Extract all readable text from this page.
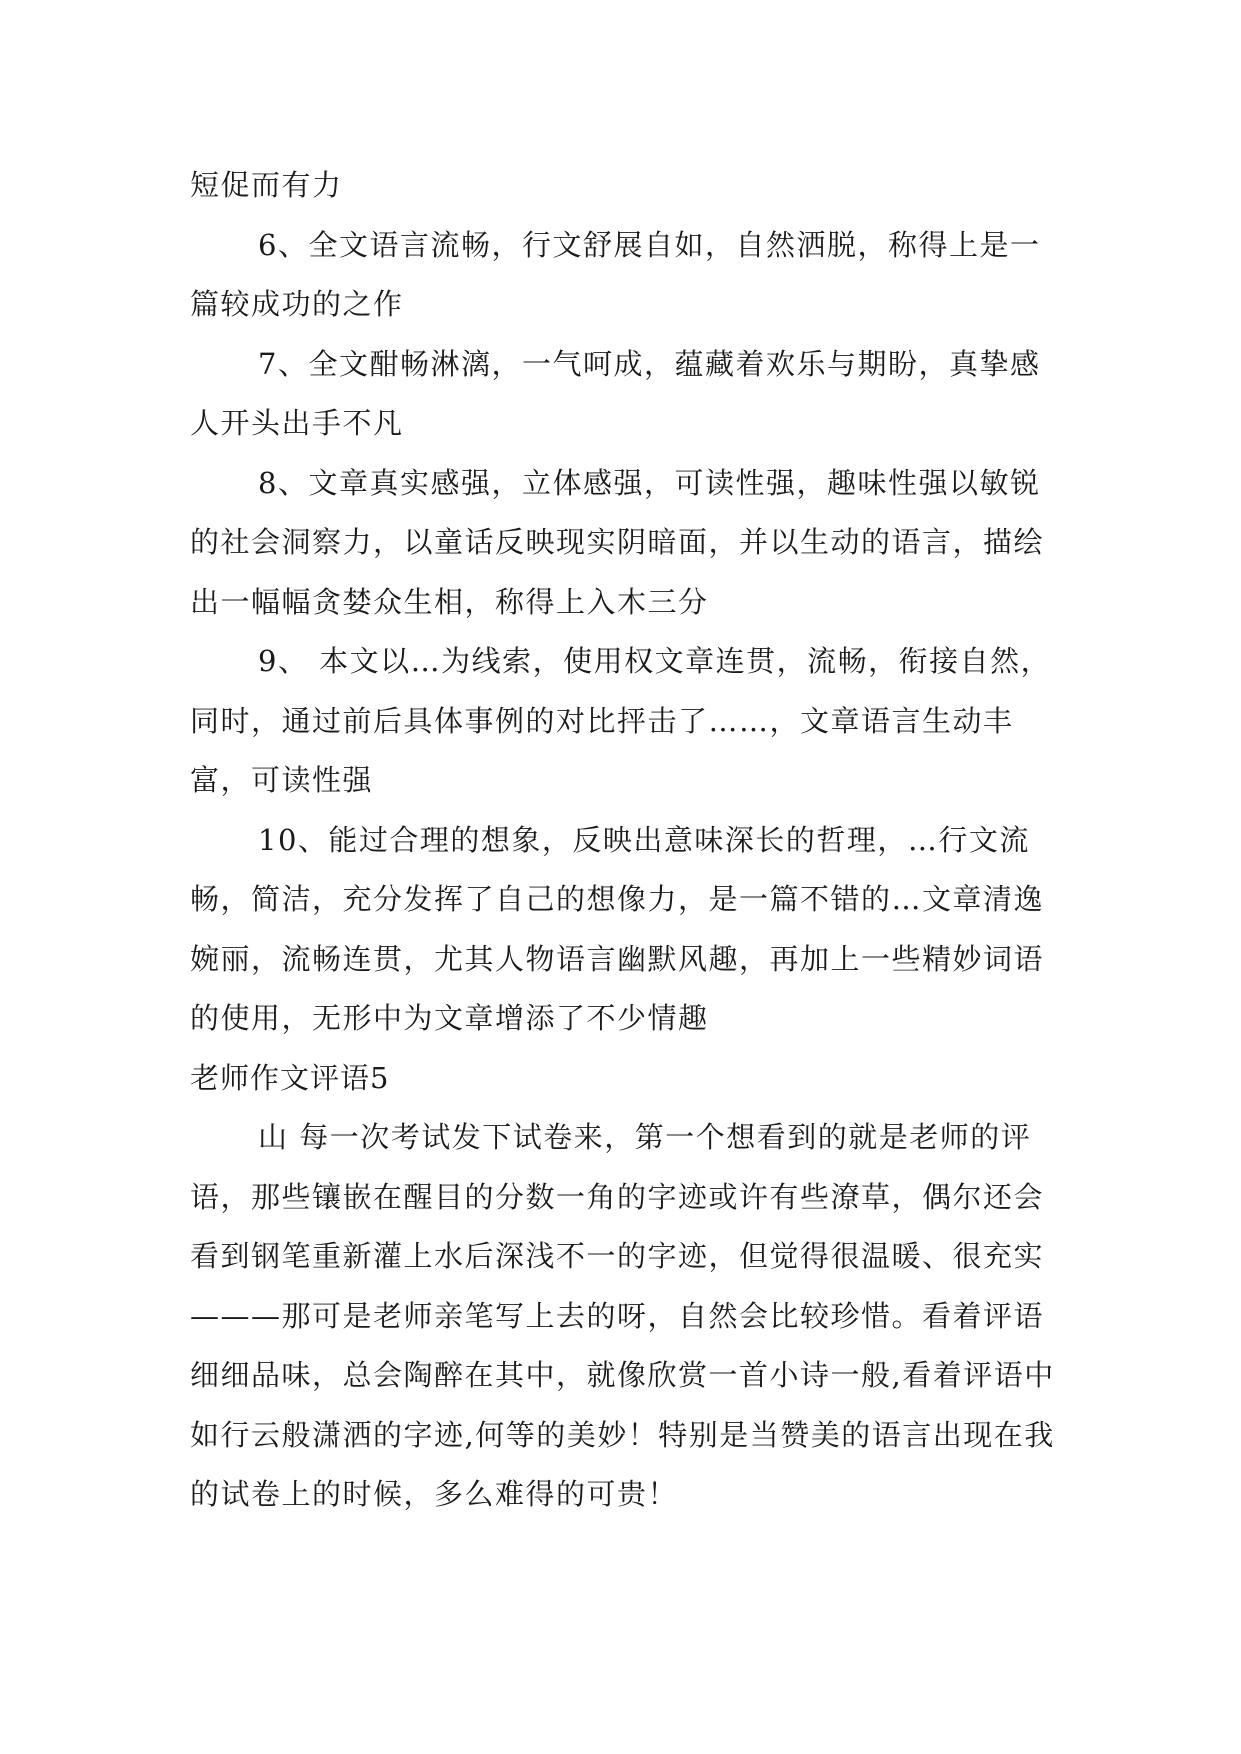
短促而有力

6、全文语言流畅，行文舒展自如，自然洒脱，称得上是一篇较成功的之作

7、全文酣畅淋漓，一气呵成，蕴藏着欢乐与期盼，真挚感人开头出手不凡

8、文章真实感强，立体感强，可读性强，趣味性强以敏锐的社会洞察力，以童话反映现实阴暗面，并以生动的语言，描绘出一幅幅贪婪众生相，称得上入木三分

9、 本文以…为线索，使用权文章连贯，流畅，衔接自然，同时，通过前后具体事例的对比抨击了……，文章语言生动丰富，可读性强

10、能过合理的想象，反映出意味深长的哲理，…行文流畅，简洁，充分发挥了自己的想像力，是一篇不错的…文章清逸婉丽，流畅连贯，尤其人物语言幽默风趣，再加上一些精妙词语的使用，无形中为文章增添了不少情趣

老师作文评语5

山 每一次考试发下试卷来，第一个想看到的就是老师的评语，那些镶嵌在醒目的分数一角的字迹或许有些潦草，偶尔还会看到钢笔重新灌上水后深浅不一的字迹，但觉得很温暖、很充实———那可是老师亲笔写上去的呀，自然会比较珍惜。看着评语细细品味，总会陶醉在其中，就像欣赏一首小诗一般,看着评语中如行云般潇洒的字迹,何等的美妙！特别是当赞美的语言出现在我的试卷上的时候，多么难得的可贵！
